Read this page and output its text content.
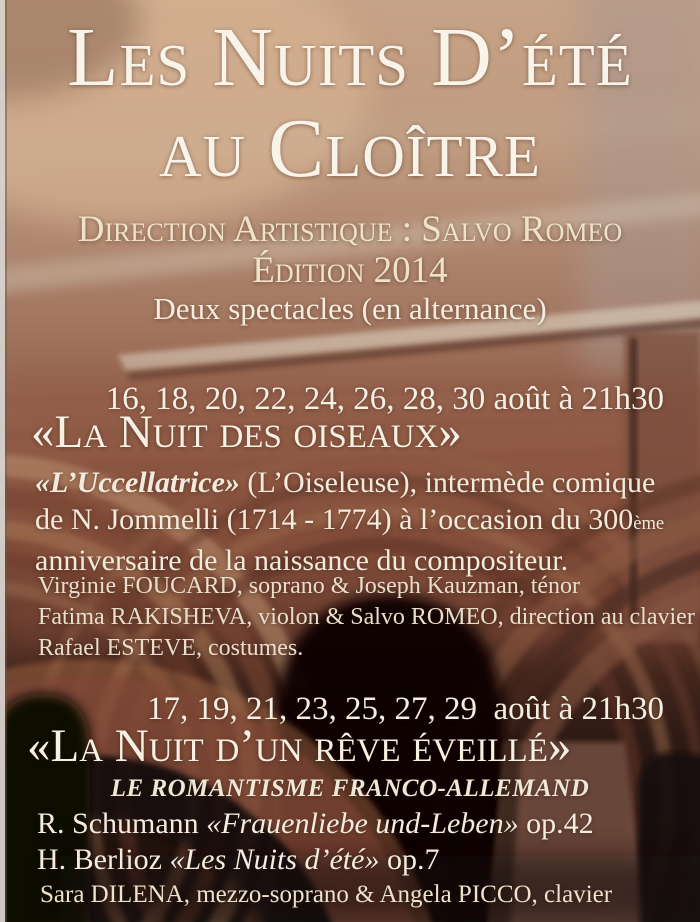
Les Nuits D’été
au Cloître
Direction Artistique : Salvo Romeo
Édition 2014
Deux spectacles (en alternance)
16, 18, 20, 22, 24, 26, 28, 30 août à 21h30
«La Nuit des oiseaux»
«L’Uccellatrice» (L’Oiseleuse), intermède comique
de N. Jommelli (1714 - 1774) à l’occasion du 300ème
anniversaire de la naissance du compositeur.
Virginie FOUCARD, soprano & Joseph Kauzman, ténor
Fatima RAKISHEVA, violon & Salvo ROMEO, direction au clavier
Rafael ESTEVE, costumes.
17, 19, 21, 23, 25, 27, 29  août à 21h30
«La Nuit d’un rêve éveillé»
LE ROMANTISME FRANCO-ALLEMAND
R. Schumann «Frauenliebe und-Leben» op.42
H. Berlioz «Les Nuits d’été» op.7
Sara DILENA, mezzo-soprano & Angela PICCO, clavier
